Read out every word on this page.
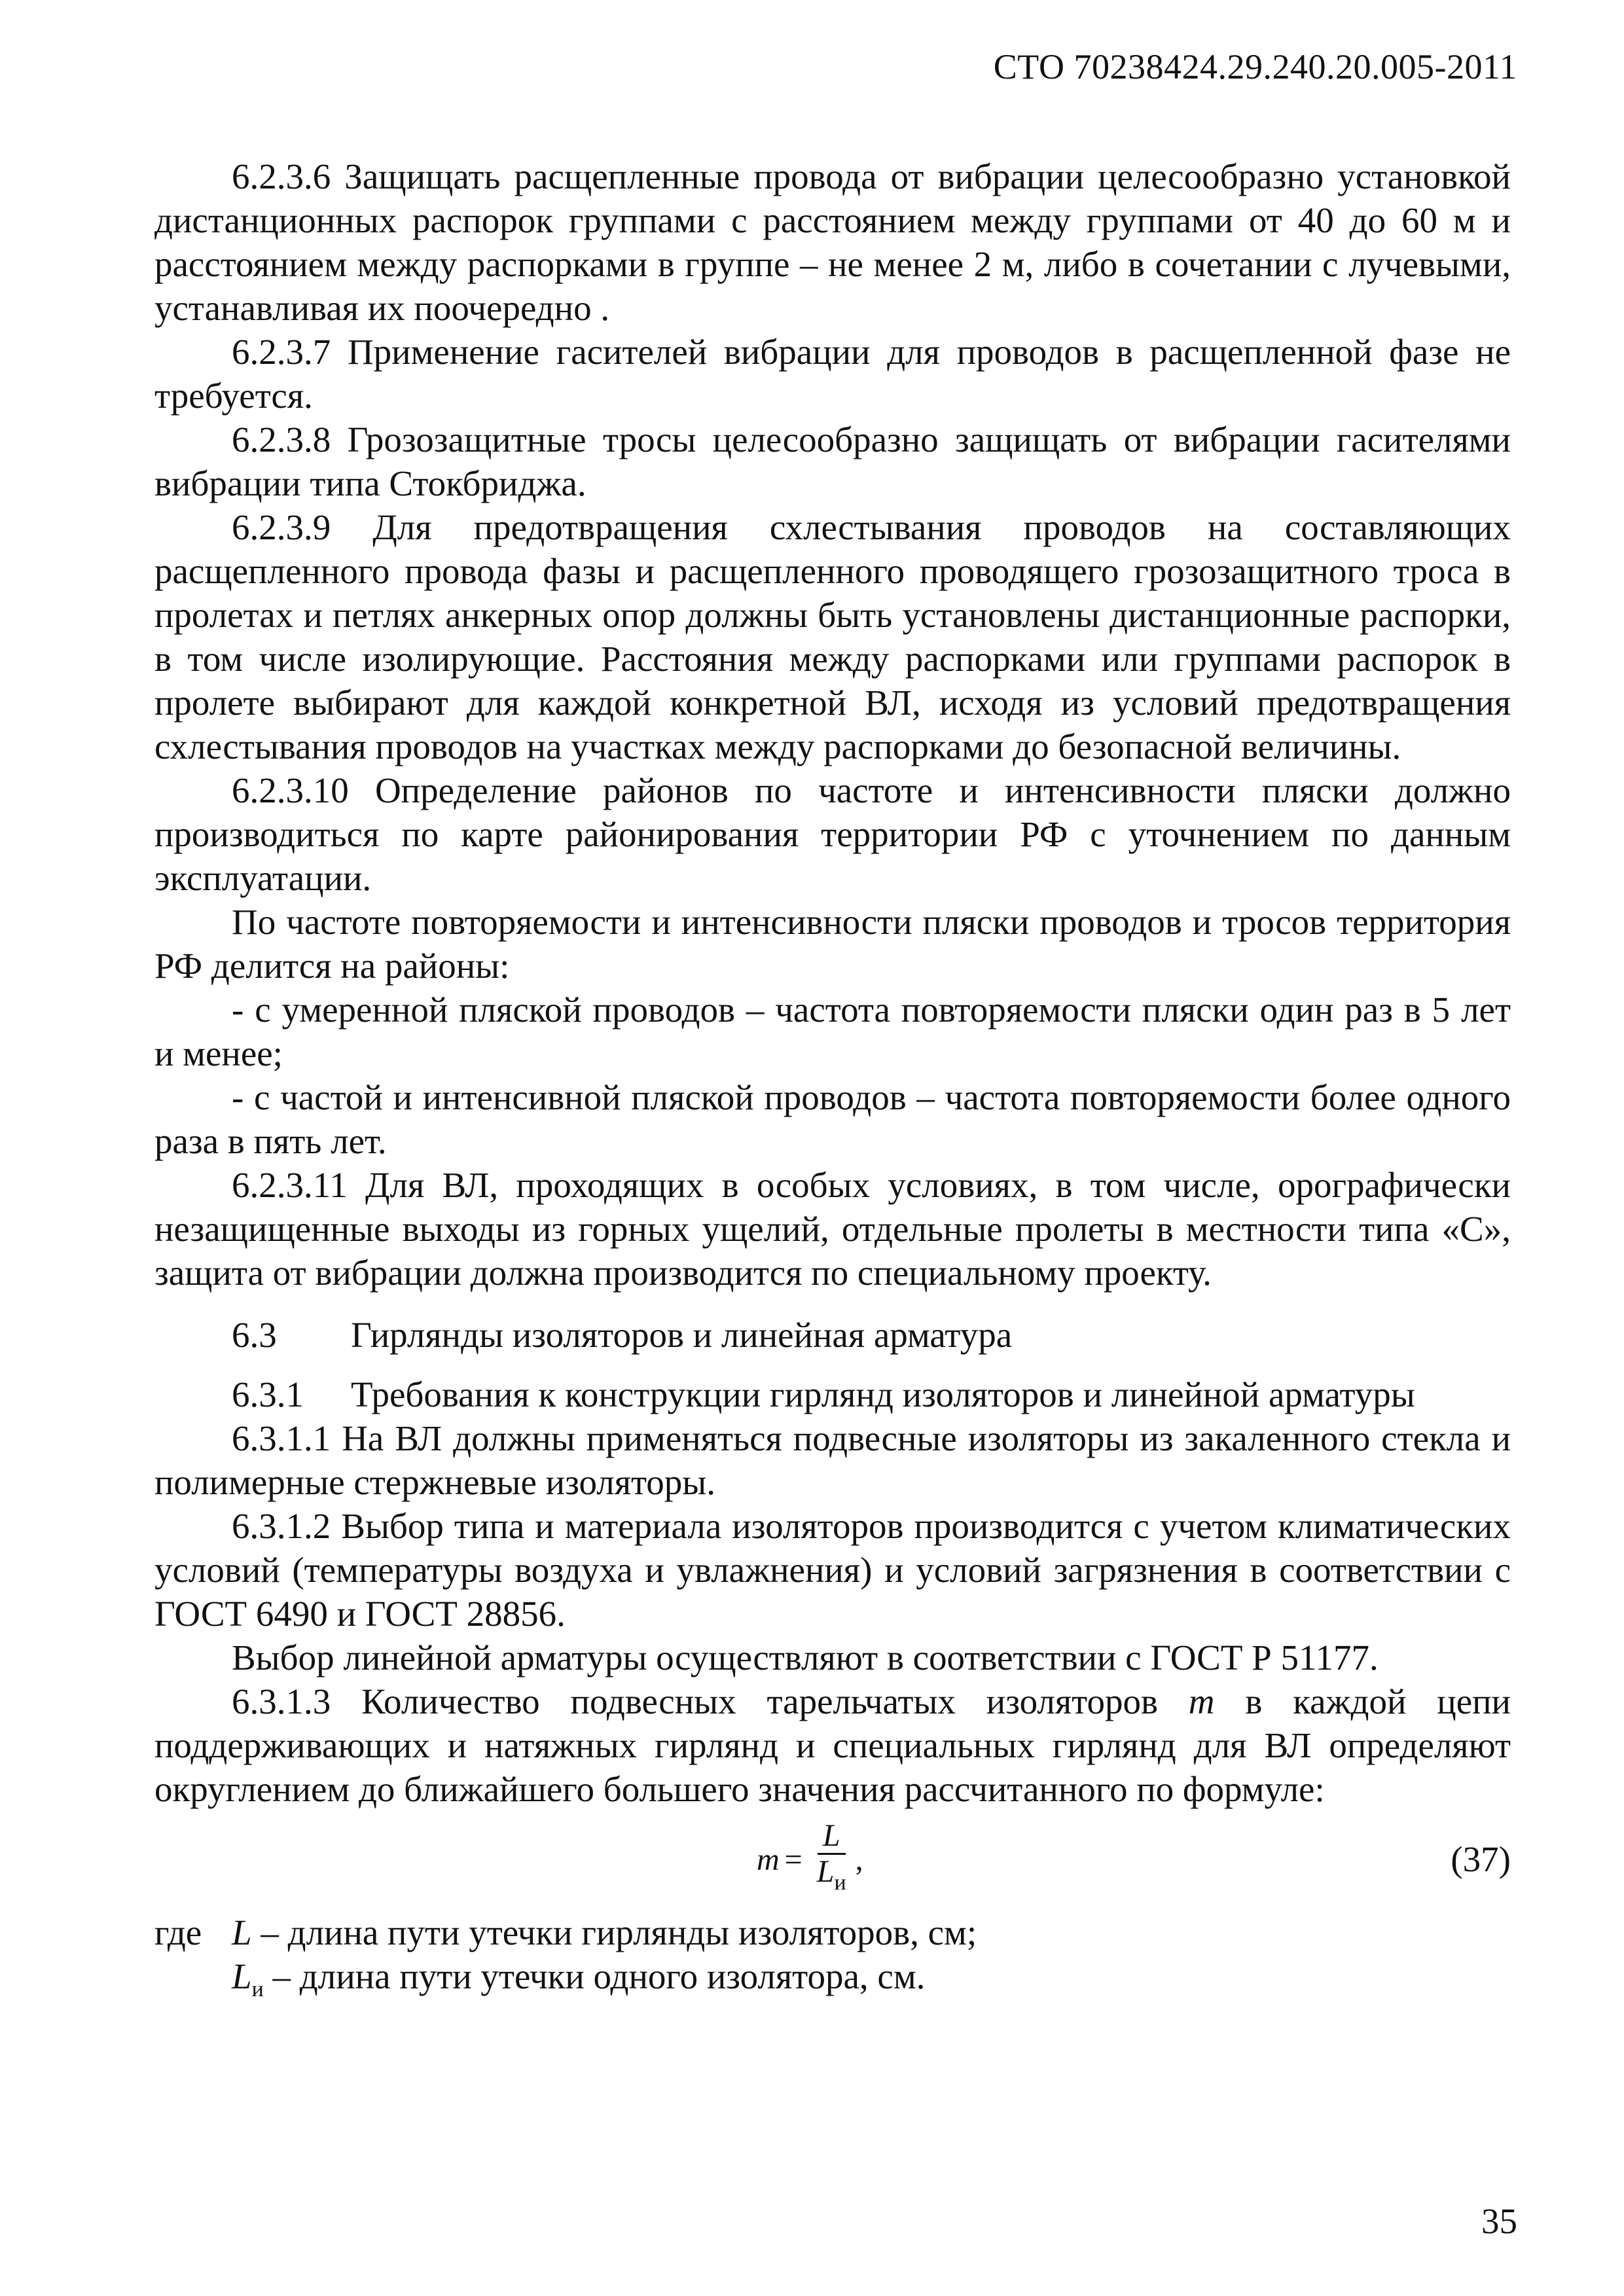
СТО 70238424.29.240.20.005-2011

6.2.3.6 Защищать расщепленные провода от вибрации целесообразно установкой дистанционных распорок группами с расстоянием между группами от 40 до 60 м и расстоянием между распорками в группе – не менее 2 м, либо в сочетании с лучевыми, устанавливая их поочередно .

6.2.3.7 Применение гасителей вибрации для проводов в расщепленной фазе не требуется.

6.2.3.8 Грозозащитные тросы целесообразно защищать от вибрации гасителями вибрации типа Стокбриджа.

6.2.3.9 Для предотвращения схлестывания проводов на составляющих расщепленного провода фазы и расщепленного проводящего грозозащитного троса в пролетах и петлях анкерных опор должны быть установлены дистанционные распорки, в том числе изолирующие. Расстояния между распорками или группами распорок в пролете выбирают для каждой конкретной ВЛ, исходя из условий предотвращения схлестывания проводов на участках между распорками до безопасной величины.

6.2.3.10 Определение районов по частоте и интенсивности пляски должно производиться по карте районирования территории РФ с уточнением по данным эксплуатации.

По частоте повторяемости и интенсивности пляски проводов и тросов территория РФ делится на районы:

- с умеренной пляской проводов – частота повторяемости пляски один раз в 5 лет и менее;

- с частой и интенсивной пляской проводов – частота повторяемости более одного раза в пять лет.

6.2.3.11 Для ВЛ, проходящих в особых условиях, в том числе, орографически незащищенные выходы из горных ущелий, отдельные пролеты в местности типа «С», защита от вибрации должна производится по специальному проекту.

6.3 Гирлянды изоляторов и линейная арматура

6.3.1 Требования к конструкции гирлянд изоляторов и линейной арматуры

6.3.1.1 На ВЛ должны применяться подвесные изоляторы из закаленного стекла и полимерные стержневые изоляторы.

6.3.1.2 Выбор типа и материала изоляторов производится с учетом климатических условий (температуры воздуха и увлажнения) и условий загрязнения в соответствии с ГОСТ 6490 и ГОСТ 28856.

Выбор линейной арматуры осуществляют в соответствии с ГОСТ Р 51177.

6.3.1.3 Количество подвесных тарельчатых изоляторов m в каждой цепи поддерживающих и натяжных гирлянд и специальных гирлянд для ВЛ определяют округлением до ближайшего большего значения рассчитанного по формуле:

$m = \frac{L}{L_и}$ ,	(37)

где L – длина пути утечки гирлянды изоляторов, см;

$L_и$ – длина пути утечки одного изолятора, см.

35
